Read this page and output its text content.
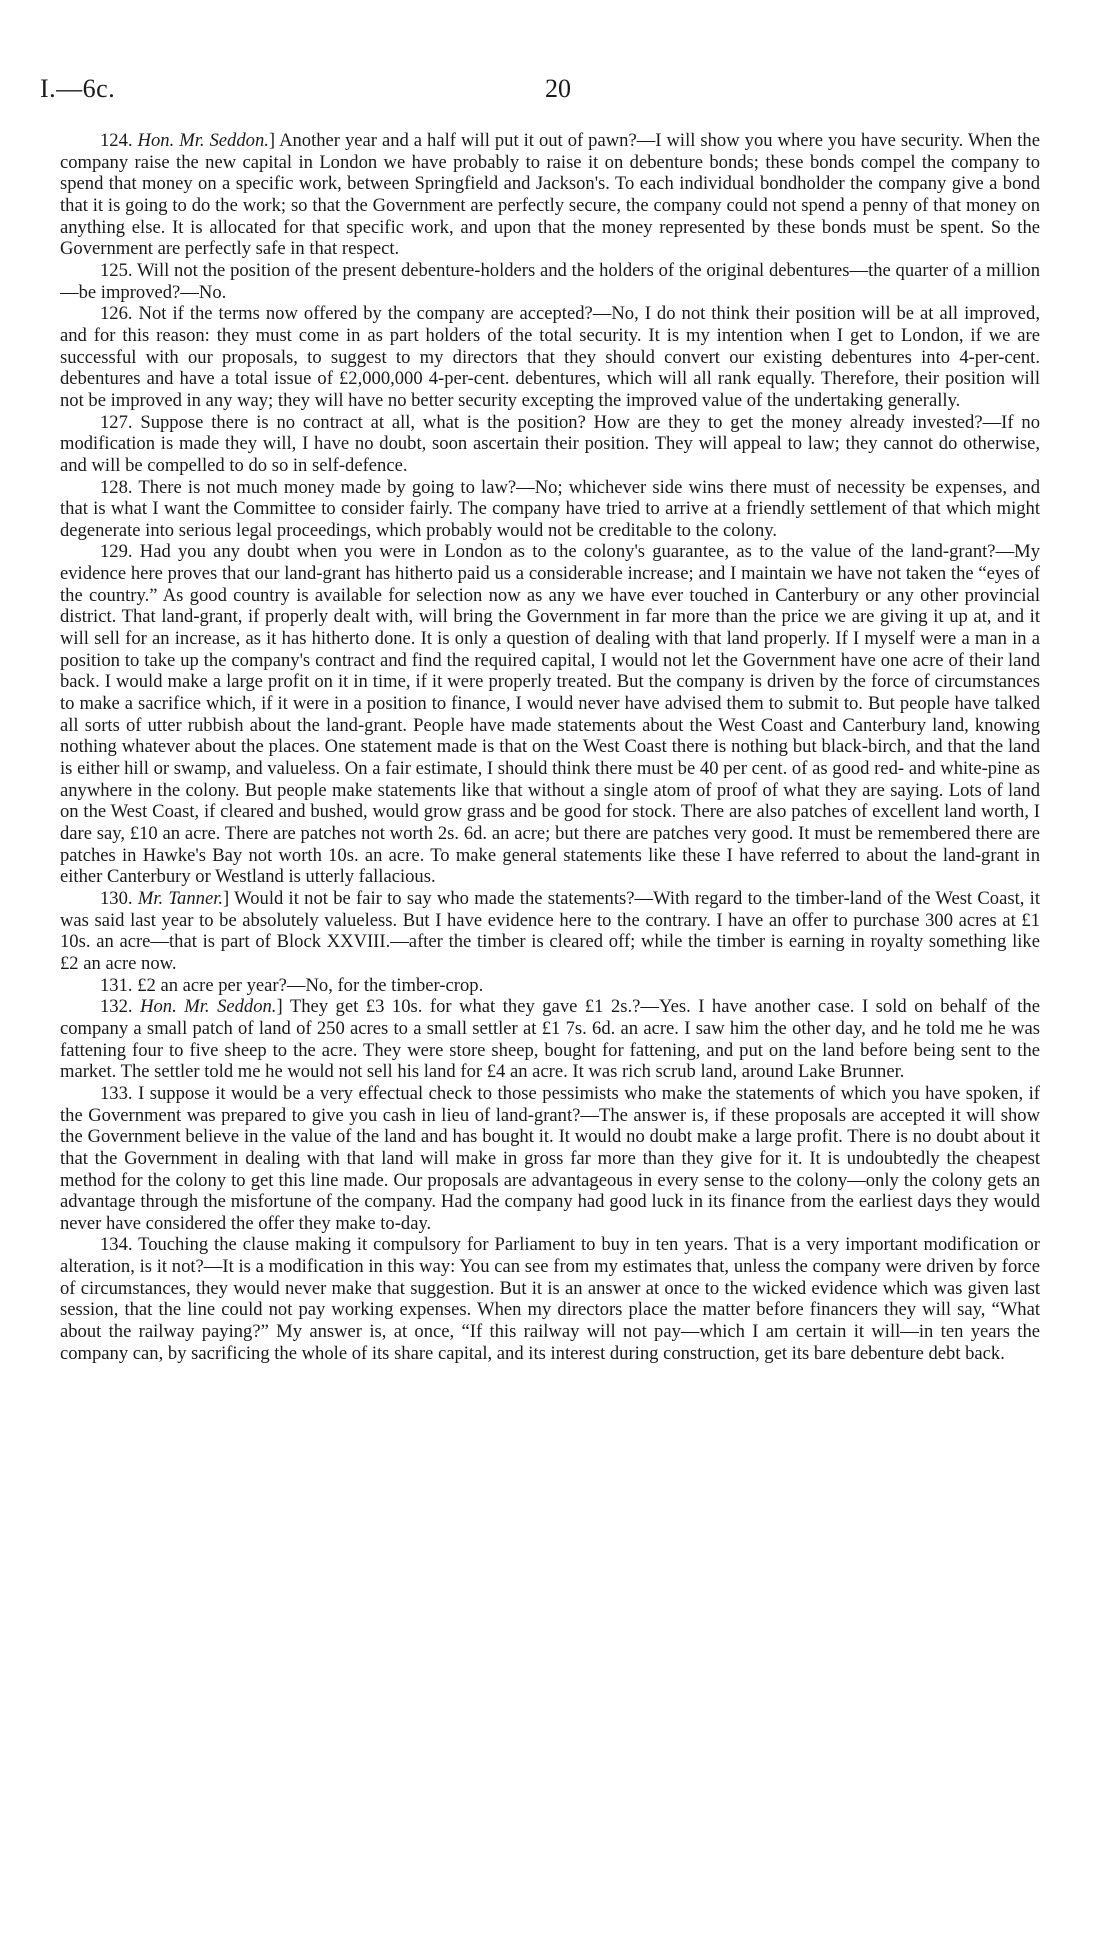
I.—6c.	20

124. Hon. Mr. Seddon.] Another year and a half will put it out of pawn?—I will show you where you have security. When the company raise the new capital in London we have probably to raise it on debenture bonds; these bonds compel the company to spend that money on a specific work, between Springfield and Jackson's. To each individual bondholder the company give a bond that it is going to do the work; so that the Government are perfectly secure, the company could not spend a penny of that money on anything else. It is allocated for that specific work, and upon that the money represented by these bonds must be spent. So the Government are perfectly safe in that respect.

125. Will not the position of the present debenture-holders and the holders of the original debentures—the quarter of a million—be improved?—No.

126. Not if the terms now offered by the company are accepted?—No, I do not think their position will be at all improved, and for this reason: they must come in as part holders of the total security. It is my intention when I get to London, if we are successful with our proposals, to suggest to my directors that they should convert our existing debentures into 4-per-cent. debentures and have a total issue of £2,000,000 4-per-cent. debentures, which will all rank equally. Therefore, their position will not be improved in any way; they will have no better security excepting the improved value of the undertaking generally.

127. Suppose there is no contract at all, what is the position? How are they to get the money already invested?—If no modification is made they will, I have no doubt, soon ascertain their position. They will appeal to law; they cannot do otherwise, and will be compelled to do so in self-defence.

128. There is not much money made by going to law?—No; whichever side wins there must of necessity be expenses, and that is what I want the Committee to consider fairly. The company have tried to arrive at a friendly settlement of that which might degenerate into serious legal proceedings, which probably would not be creditable to the colony.

129. Had you any doubt when you were in London as to the colony's guarantee, as to the value of the land-grant?—My evidence here proves that our land-grant has hitherto paid us a considerable increase; and I maintain we have not taken the “eyes of the country.” As good country is available for selection now as any we have ever touched in Canterbury or any other provincial district. That land-grant, if properly dealt with, will bring the Government in far more than the price we are giving it up at, and it will sell for an increase, as it has hitherto done. It is only a question of dealing with that land properly. If I myself were a man in a position to take up the company's contract and find the required capital, I would not let the Government have one acre of their land back. I would make a large profit on it in time, if it were properly treated. But the company is driven by the force of circumstances to make a sacrifice which, if it were in a position to finance, I would never have advised them to submit to. But people have talked all sorts of utter rubbish about the land-grant. People have made statements about the West Coast and Canterbury land, knowing nothing whatever about the places. One statement made is that on the West Coast there is nothing but black-birch, and that the land is either hill or swamp, and valueless. On a fair estimate, I should think there must be 40 per cent. of as good red- and white-pine as anywhere in the colony. But people make statements like that without a single atom of proof of what they are saying. Lots of land on the West Coast, if cleared and bushed, would grow grass and be good for stock. There are also patches of excellent land worth, I dare say, £10 an acre. There are patches not worth 2s. 6d. an acre; but there are patches very good. It must be remembered there are patches in Hawke's Bay not worth 10s. an acre. To make general statements like these I have referred to about the land-grant in either Canterbury or Westland is utterly fallacious.

130. Mr. Tanner.] Would it not be fair to say who made the statements?—With regard to the timber-land of the West Coast, it was said last year to be absolutely valueless. But I have evidence here to the contrary. I have an offer to purchase 300 acres at £1 10s. an acre—that is part of Block XXVIII.—after the timber is cleared off; while the timber is earning in royalty something like £2 an acre now.

131. £2 an acre per year?—No, for the timber-crop.

132. Hon. Mr. Seddon.] They get £3 10s. for what they gave £1 2s.?—Yes. I have another case. I sold on behalf of the company a small patch of land of 250 acres to a small settler at £1 7s. 6d. an acre. I saw him the other day, and he told me he was fattening four to five sheep to the acre. They were store sheep, bought for fattening, and put on the land before being sent to the market. The settler told me he would not sell his land for £4 an acre. It was rich scrub land, around Lake Brunner.

133. I suppose it would be a very effectual check to those pessimists who make the statements of which you have spoken, if the Government was prepared to give you cash in lieu of land-grant?—The answer is, if these proposals are accepted it will show the Government believe in the value of the land and has bought it. It would no doubt make a large profit. There is no doubt about it that the Government in dealing with that land will make in gross far more than they give for it. It is undoubtedly the cheapest method for the colony to get this line made. Our proposals are advantageous in every sense to the colony—only the colony gets an advantage through the misfortune of the company. Had the company had good luck in its finance from the earliest days they would never have considered the offer they make to-day.

134. Touching the clause making it compulsory for Parliament to buy in ten years. That is a very important modification or alteration, is it not?—It is a modification in this way: You can see from my estimates that, unless the company were driven by force of circumstances, they would never make that suggestion. But it is an answer at once to the wicked evidence which was given last session, that the line could not pay working expenses. When my directors place the matter before financers they will say, “What about the railway paying?” My answer is, at once, “If this railway will not pay—which I am certain it will—in ten years the company can, by sacrificing the whole of its share capital, and its interest during construction, get its bare debenture debt back.
